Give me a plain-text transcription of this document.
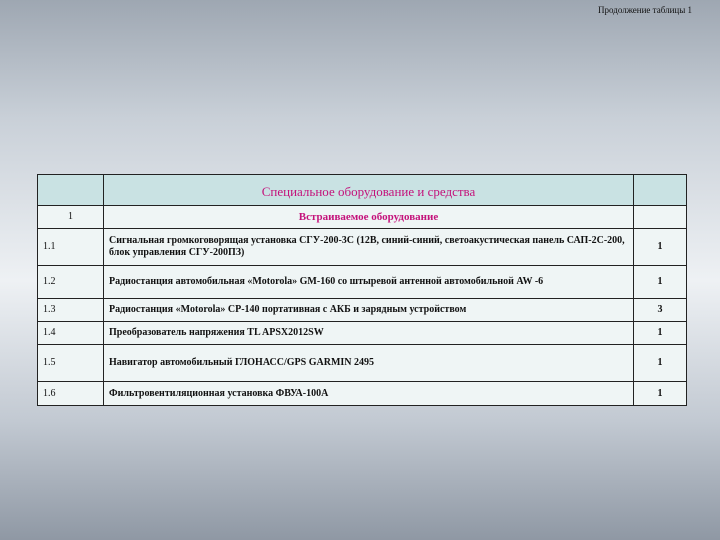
Продолжение таблицы 1
	Специальное оборудование и средства	
1	Встраиваемое оборудование	
1.1	Сигнальная громкоговорящая установка СГУ-200-3С (12В, синий-синий, светоакустическая панель САП-2С-200, блок управления СГУ-200ПЗ)	1
1.2	Радиостанция автомобильная «Motorola» GM-160 со штыревой антенной автомобильной AW -6	1
1.3	Радиостанция «Motorola» CP-140 портативная с АКБ и зарядным устройством	3
1.4	Преобразователь напряжения TL APSX2012SW	1
1.5	Навигатор автомобильный ГЛОНАСС/GPS GARMIN 2495	1
1.6	Фильтровентиляционная установка ФВУА-100А	1
